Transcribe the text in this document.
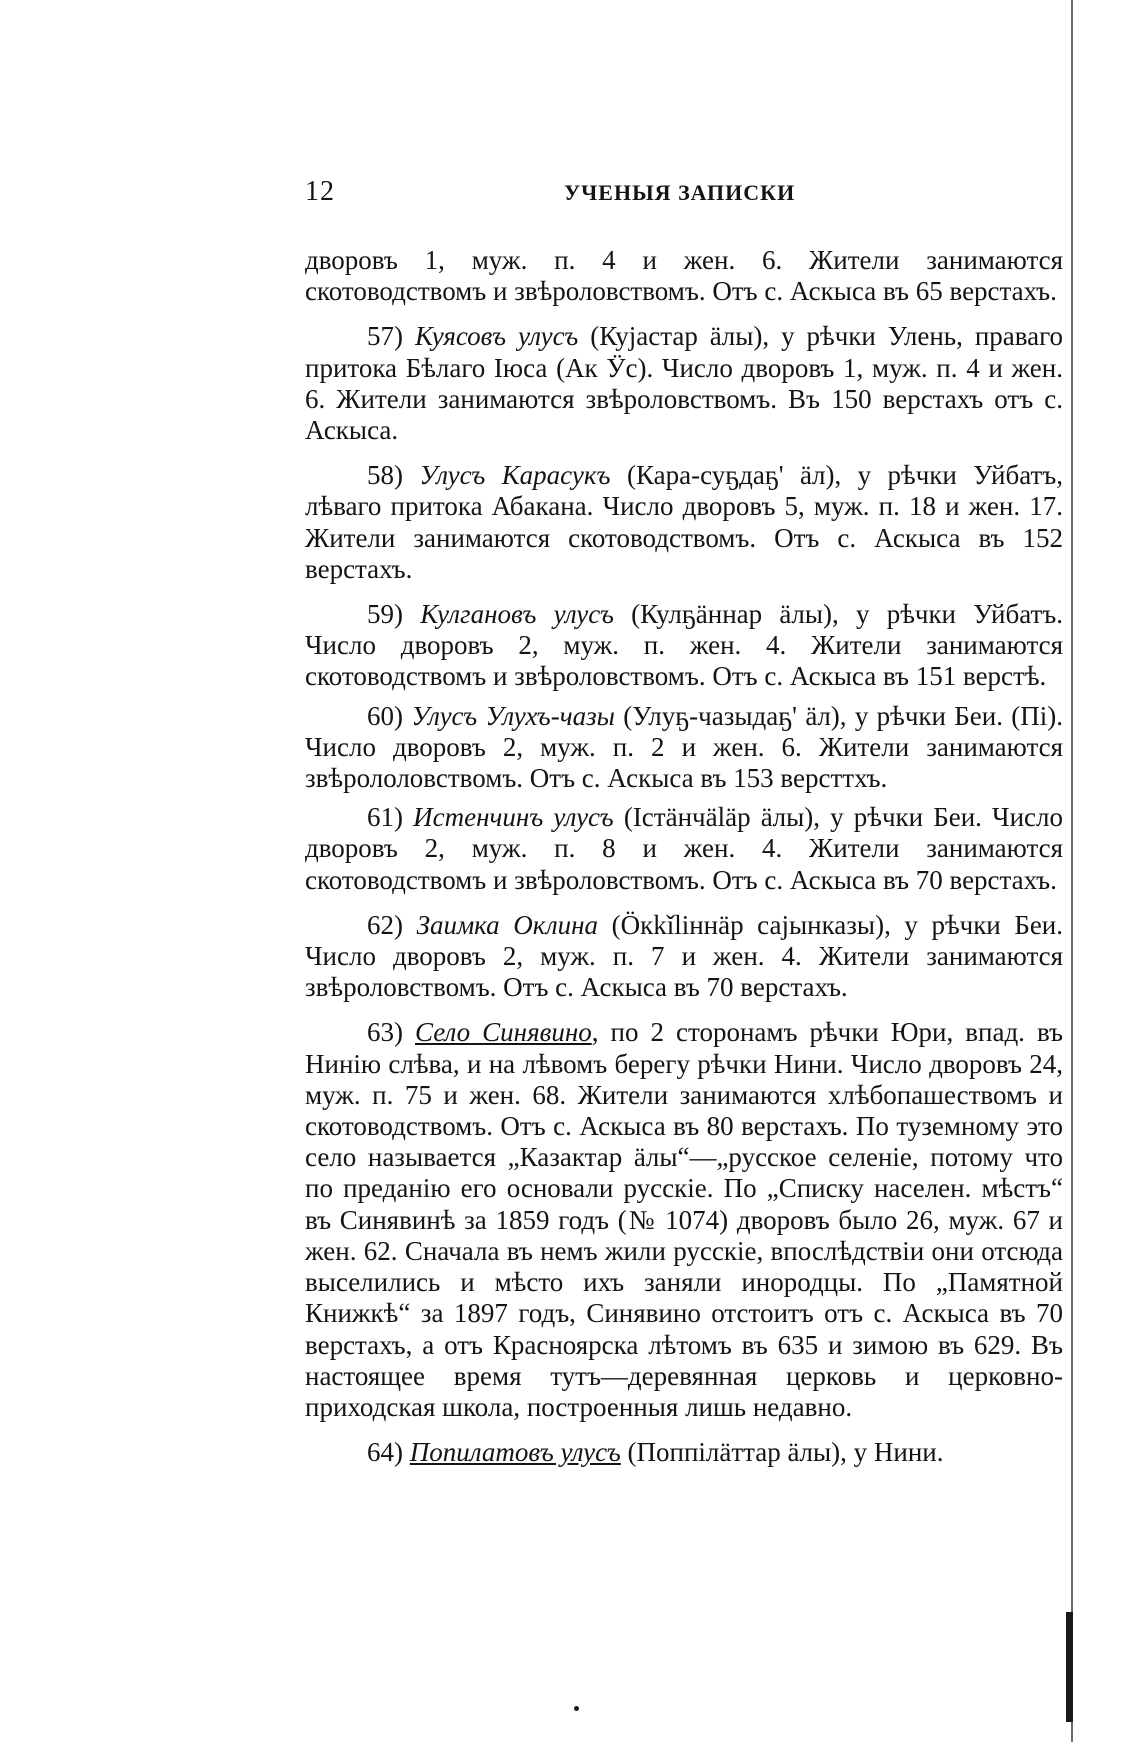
12	УЧЕНЫЯ ЗАПИСКИ

дворовъ 1, муж. п. 4 и жен. 6. Жители занимаются скотоводствомъ и звѣроловствомъ. Отъ с. Аскыса въ 65 верстахъ.

57) Куясовъ улусъ (Кујастар ӓлы), у рѣчки Улень, праваго притока Бѣлаго Іюса (Ак Ӱс). Число дворовъ 1, муж. п. 4 и жен. 6. Жители занимаются звѣроловствомъ. Въ 150 верстахъ отъ с. Аскыса.

58) Улусъ Карасукъ (Кара-суҕдаҕ' ӓл), у рѣчки Уйбатъ, лѣваго притока Абакана. Число дворовъ 5, муж. п. 18 и жен. 17. Жители занимаются скотоводствомъ. Отъ с. Аскыса въ 152 верстахъ.

59) Кулгановъ улусъ (Кулҕӓннар ӓлы), у рѣчки Уйбатъ. Число дворовъ 2, муж. п. жен. 4. Жители занимаются скотоводствомъ и звѣроловствомъ. Отъ с. Аскыса въ 151 верстѣ.

60) Улусъ Улухъ-чазы (Улуҕ-чазыдаҕ' ӓл), у рѣчки Беи. (Пі). Число дворовъ 2, муж. п. 2 и жен. 6. Жители занимаются звѣрололовствомъ. Отъ с. Аскыса въ 153 версттхъ.

61) Истенчинъ улусъ (Істӓнчӓlӓр ӓлы), у рѣчки Беи. Число дворовъ 2, муж. п. 8 и жен. 4. Жители занимаются скотоводствомъ и звѣроловствомъ. Отъ с. Аскыса въ 70 верстахъ.

62) Заимка Оклина (Öкkǐlіннӓр сајынказы), у рѣчки Беи. Число дворовъ 2, муж. п. 7 и жен. 4. Жители занимаются звѣроловствомъ. Отъ с. Аскыса въ 70 верстахъ.

63) Село Синявино, по 2 сторонамъ рѣчки Юри, впад. въ Нинію слѣва, и на лѣвомъ берегу рѣчки Нини. Число дворовъ 24, муж. п. 75 и жен. 68. Жители занимаются хлѣбопашествомъ и скотоводствомъ. Отъ с. Аскыса въ 80 верстахъ. По туземному это село называется „Казактар ӓлы“—„русское селеніе, потому что по преданію его основали русскіе. По „Списку населен. мѣстъ“ въ Синявинѣ за 1859 годъ (№ 1074) дворовъ было 26, муж. 67 и жен. 62. Сначала въ немъ жили русскіе, впослѣдствіи они отсюда выселились и мѣсто ихъ заняли инородцы. По „Памятной Книжкѣ“ за 1897 годъ, Синявино отстоитъ отъ с. Аскыса въ 70 верстахъ, а отъ Красноярска лѣтомъ въ 635 и зимою въ 629. Въ настоящее время тутъ—деревянная церковь и церковно-приходская школа, построенныя лишь недавно.

64) Попилатовъ улусъ (Поппілӓттар ӓлы), у Нини.
